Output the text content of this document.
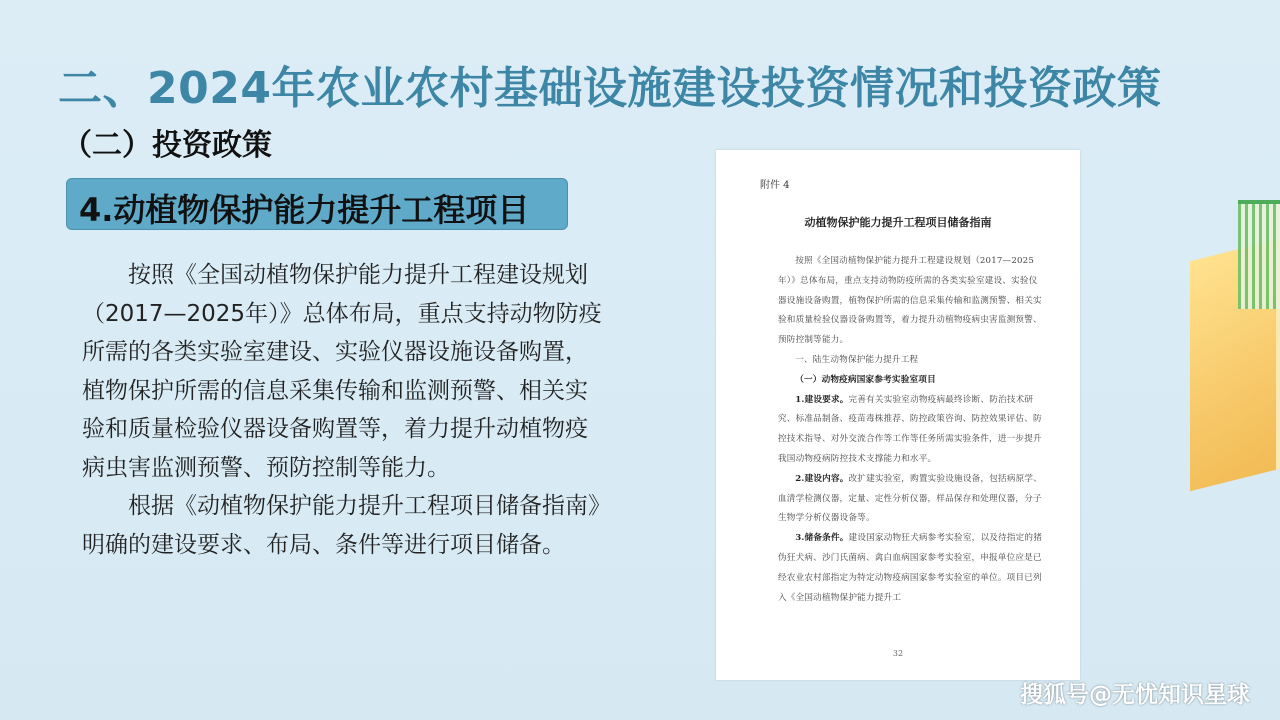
二、2024年农业农村基础设施建设投资情况和投资政策
（二）投资政策
4.动植物保护能力提升工程项目

按照《全国动植物保护能力提升工程建设规划（2017—2025年）》总体布局，重点支持动物防疫所需的各类实验室建设、实验仪器设施设备购置，植物保护所需的信息采集传输和监测预警、相关实验和质量检验仪器设备购置等，着力提升动植物疫病虫害监测预警、预防控制等能力。

根据《动植物保护能力提升工程项目储备指南》明确的建设要求、布局、条件等进行项目储备。

附件 4
动植物保护能力提升工程项目储备指南

按照《全国动植物保护能力提升工程建设规划（2017—2025 年）》总体布局，重点支持动物防疫所需的各类实验室建设、实验仪器设施设备购置，植物保护所需的信息采集传输和监测预警、相关实验和质量检验仪器设备购置等，着力提升动植物疫病虫害监测预警、预防控制等能力。

一、陆生动物保护能力提升工程

（一）动物疫病国家参考实验室项目

1.建设要求。完善有关实验室动物疫病最终诊断、防治技术研究、标准品制备、疫苗毒株推荐、防控政策咨询、防控效果评估、防控技术指导、对外交流合作等工作等任务所需实验条件，进一步提升我国动物疫病防控技术支撑能力和水平。

2.建设内容。改扩建实验室，购置实验设施设备，包括病原学、血清学检测仪器，定量、定性分析仪器，样品保存和处理仪器，分子生物学分析仪器设备等。

3.储备条件。建设国家动物狂犬病参考实验室，以及待指定的猪伪狂犬病、沙门氏菌病、禽白血病国家参考实验室，申报单位应是已经农业农村部指定为特定动物疫病国家参考实验室的单位。项目已列入《全国动植物保护能力提升工

32
搜狐号@无忧知识星球
